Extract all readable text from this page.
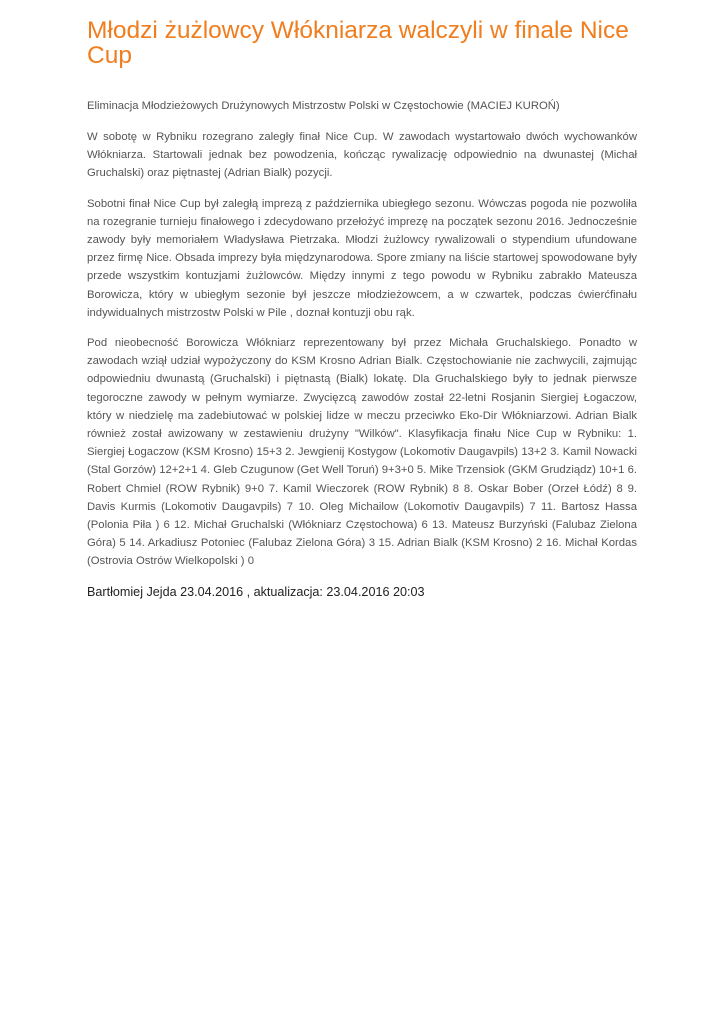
Młodzi żużlowcy Włókniarza walczyli w finale Nice Cup
Eliminacja Młodzieżowych Drużynowych Mistrzostw Polski w Częstochowie (MACIEJ KUROŃ)

W sobotę w Rybniku rozegrano zaległy finał Nice Cup. W zawodach wystartowało dwóch wychowanków Włókniarza. Startowali jednak bez powodzenia, kończąc rywalizację odpowiednio na dwunastej (Michał Gruchalski) oraz piętnastej (Adrian Bialk) pozycji.

Sobotni finał Nice Cup był zaległą imprezą z października ubiegłego sezonu. Wówczas pogoda nie pozwoliła na rozegranie turnieju finałowego i zdecydowano przełożyć imprezę na początek sezonu 2016. Jednocześnie zawody były memoriałem Władysława Pietrzaka. Młodzi żużlowcy rywalizowali o stypendium ufundowane przez firmę Nice. Obsada imprezy była międzynarodowa. Spore zmiany na liście startowej spowodowane były przede wszystkim kontuzjami żużlowców. Między innymi z tego powodu w Rybniku zabrakło Mateusza Borowicza, który w ubiegłym sezonie był jeszcze młodzieżowcem, a w czwartek, podczas ćwierćfinału indywidualnych mistrzostw Polski w Pile , doznał kontuzji obu rąk.

Pod nieobecność Borowicza Włókniarz reprezentowany był przez Michała Gruchalskiego. Ponadto w zawodach wziął udział wypożyczony do KSM Krosno Adrian Bialk. Częstochowianie nie zachwycili, zajmując odpowiedniu dwunastą (Gruchalski) i piętnastą (Bialk) lokatę. Dla Gruchalskiego były to jednak pierwsze tegoroczne zawody w pełnym wymiarze. Zwycięzcą zawodów został 22-letni Rosjanin Siergiej Łogaczow, który w niedzielę ma zadebiutować w polskiej lidze w meczu przeciwko Eko-Dir Włókniarzowi. Adrian Bialk również został awizowany w zestawieniu drużyny "Wilków". Klasyfikacja finału Nice Cup w Rybniku: 1. Siergiej Łogaczow (KSM Krosno) 15+3 2. Jewgienij Kostygow (Lokomotiv Daugavpils) 13+2 3. Kamil Nowacki (Stal Gorzów) 12+2+1 4. Gleb Czugunow (Get Well Toruń) 9+3+0 5. Mike Trzensiok (GKM Grudziądz) 10+1 6. Robert Chmiel (ROW Rybnik) 9+0 7. Kamil Wieczorek (ROW Rybnik) 8 8. Oskar Bober (Orzeł Łódź) 8 9. Davis Kurmis (Lokomotiv Daugavpils) 7 10. Oleg Michailow (Lokomotiv Daugavpils) 7 11. Bartosz Hassa (Polonia Piła ) 6 12. Michał Gruchalski (Włókniarz Częstochowa) 6 13. Mateusz Burzyński (Falubaz Zielona Góra) 5 14. Arkadiusz Potoniec (Falubaz Zielona Góra) 3 15. Adrian Bialk (KSM Krosno) 2 16. Michał Kordas (Ostrovia Ostrów Wielkopolski ) 0

Bartłomiej Jejda 23.04.2016 , aktualizacja: 23.04.2016 20:03
